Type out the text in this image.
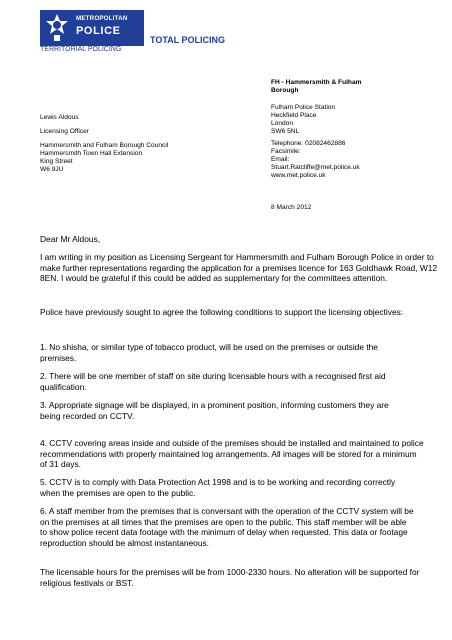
METROPOLITAN
POLICE
TOTAL POLICING
TERRITORIAL POLICING
FH - Hammersmith & Fulham
Borough
Fulham Police Station
Heckfield Place
London
SW6 5NL
Telephone: 02082462886
Facsimile:
Email:
Stuart.Ratcliffe@met.police.uk
www.met.police.uk
Lewis Aldous
Licensing Officer
Hammersmith and Fulham Borough Council
Hammersmith Town Hall Extension
King Street
W6 9JU
8 March 2012

Dear Mr Aldous,

I am writing in my position as Licensing Sergeant for Hammersmith and Fulham Borough Police in order to make further representations regarding the application for a premises licence for 163 Goldhawk Road, W12 8EN. I would be grateful if this could be added as supplementary for the committees attention.

Police have previously sought to agree the following conditions to support the licensing objectives:

1. No shisha, or similar type of tobacco product, will be used on the premises or outside the premises.

2. There will be one member of staff on site during licensable hours with a recognised first aid qualification.

3. Appropriate signage will be displayed, in a prominent position, informing customers they are being recorded on CCTV.

4. CCTV covering areas inside and outside of the premises should be installed and maintained to police recommendations with properly maintained log arrangements. All images will be stored for a minimum of 31 days.

5. CCTV is to comply with Data Protection Act 1998 and is to be working and recording correctly when the premises are open to the public.

6. A staff member from the premises that is conversant with the operation of the CCTV system will be on the premises at all times that the premises are open to the public. This staff member will be able to show police recent data footage with the minimum of delay when requested. This data or footage reproduction should be almost instantaneous.

The licensable hours for the premises will be from 1000-2330 hours. No alteration will be supported for religious festivals or BST.
